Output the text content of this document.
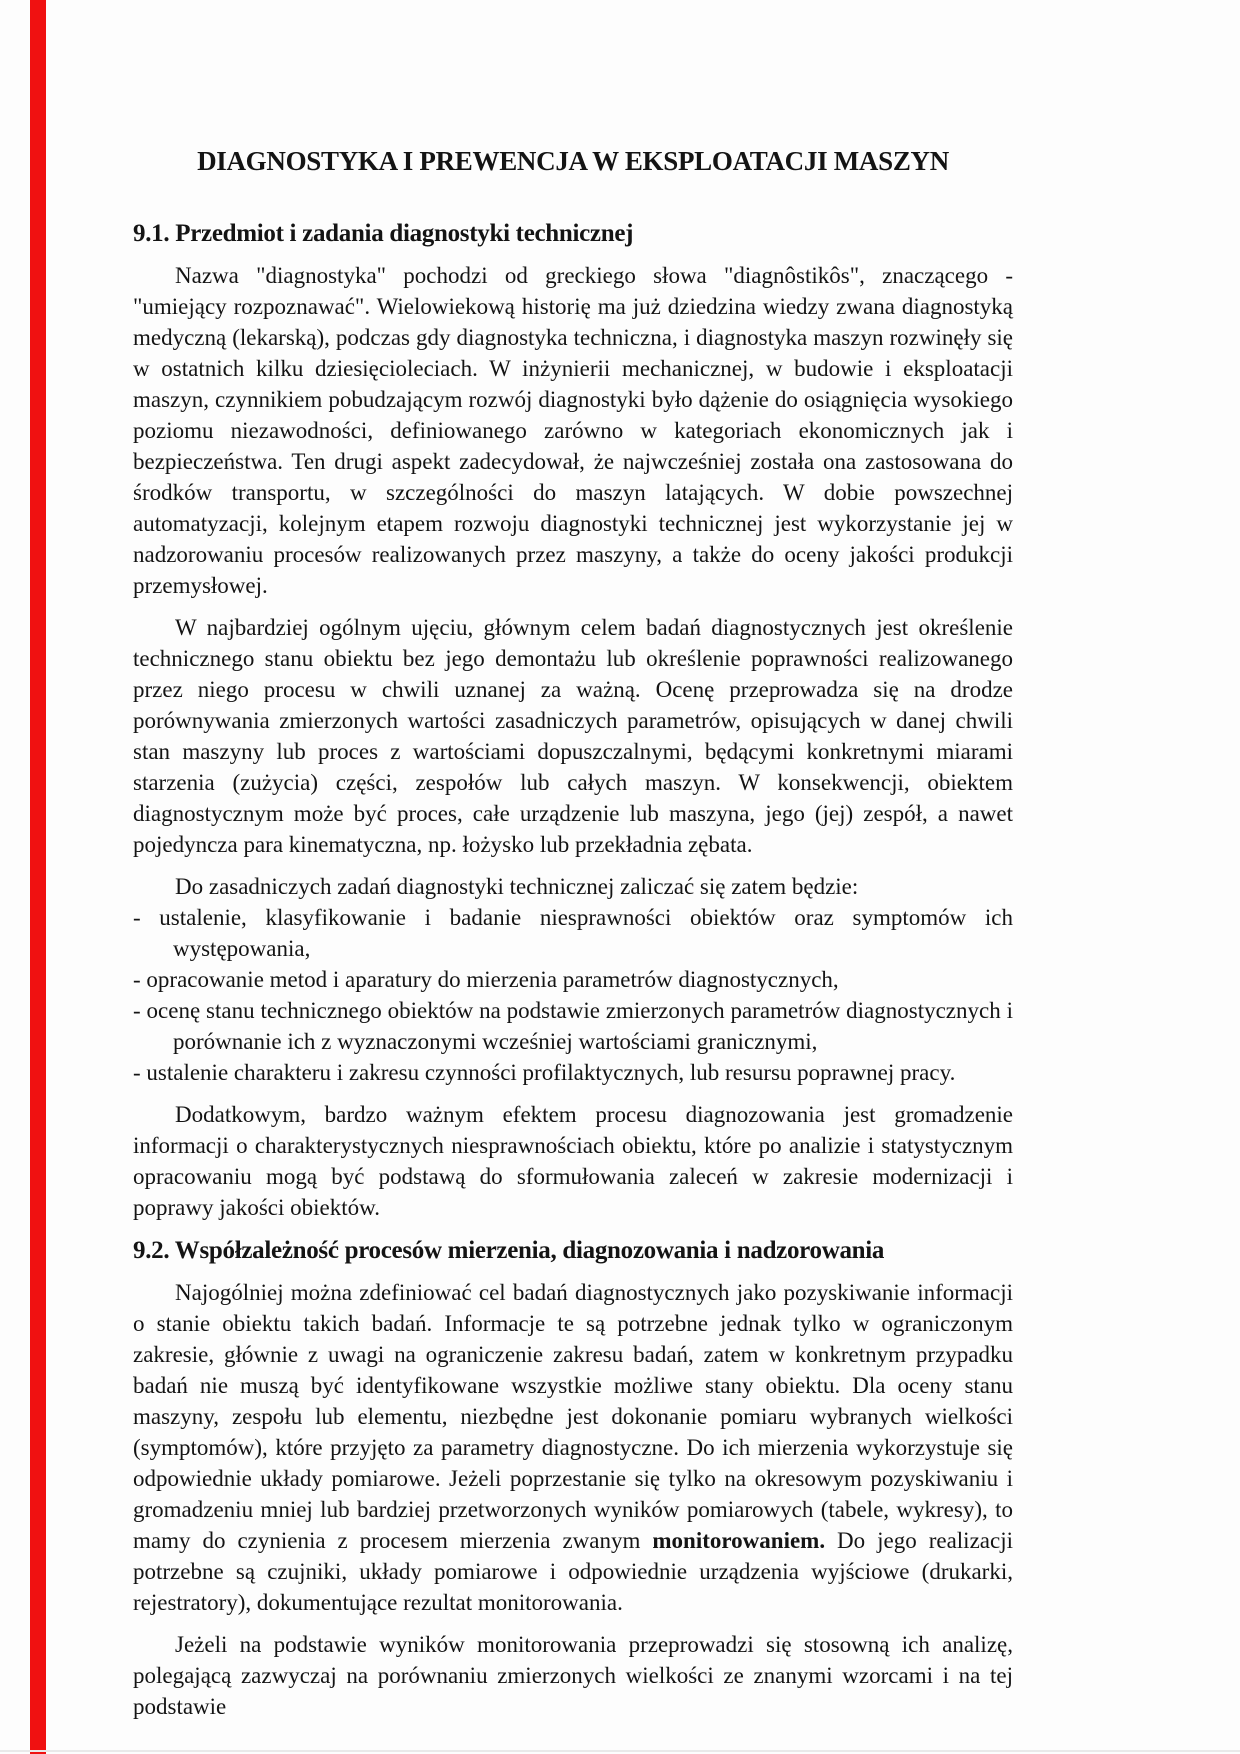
DIAGNOSTYKA I PREWENCJA W EKSPLOATACJI MASZYN
9.1. Przedmiot i zadania diagnostyki technicznej

Nazwa "diagnostyka" pochodzi od greckiego słowa "diagnôstikôs", znaczącego - "umiejący rozpoznawać". Wielowiekową historię ma już dziedzina wiedzy zwana diagnostyką medyczną (lekarską), podczas gdy diagnostyka techniczna, i diagnostyka maszyn rozwinęły się w ostatnich kilku dziesięcioleciach. W inżynierii mechanicznej, w budowie i eksploatacji maszyn, czynnikiem pobudzającym rozwój diagnostyki było dążenie do osiągnięcia wysokiego poziomu niezawodności, definiowanego zarówno w kategoriach ekonomicznych jak i bezpieczeństwa. Ten drugi aspekt zadecydował, że najwcześniej została ona zastosowana do środków transportu, w szczególności do maszyn latających. W dobie powszechnej automatyzacji, kolejnym etapem rozwoju diagnostyki technicznej jest wykorzystanie jej w nadzorowaniu procesów realizowanych przez maszyny, a także do oceny jakości produkcji przemysłowej.

W najbardziej ogólnym ujęciu, głównym celem badań diagnostycznych jest określenie technicznego stanu obiektu bez jego demontażu lub określenie poprawności realizowanego przez niego procesu w chwili uznanej za ważną. Ocenę przeprowadza się na drodze porównywania zmierzonych wartości zasadniczych parametrów, opisujących w danej chwili stan maszyny lub proces z wartościami dopuszczalnymi, będącymi konkretnymi miarami starzenia (zużycia) części, zespołów lub całych maszyn. W konsekwencji, obiektem diagnostycznym może być proces, całe urządzenie lub maszyna, jego (jej) zespół, a nawet pojedyncza para kinematyczna, np. łożysko lub przekładnia zębata.

Do zasadniczych zadań diagnostyki technicznej zaliczać się zatem będzie:

- ustalenie, klasyfikowanie i badanie niesprawności obiektów oraz symptomów ich występowania,
- opracowanie metod i aparatury do mierzenia parametrów diagnostycznych,
- ocenę stanu technicznego obiektów na podstawie zmierzonych parametrów diagnostycznych i porównanie ich z wyznaczonymi wcześniej wartościami granicznymi,
- ustalenie charakteru i zakresu czynności profilaktycznych, lub resursu poprawnej pracy.

Dodatkowym, bardzo ważnym efektem procesu diagnozowania jest gromadzenie informacji o charakterystycznych niesprawnościach obiektu, które po analizie i statystycznym opracowaniu mogą być podstawą do sformułowania zaleceń w zakresie modernizacji i poprawy jakości obiektów.

9.2. Współzależność procesów mierzenia, diagnozowania i nadzorowania

Najogólniej można zdefiniować cel badań diagnostycznych jako pozyskiwanie informacji o stanie obiektu takich badań. Informacje te są potrzebne jednak tylko w ograniczonym zakresie, głównie z uwagi na ograniczenie zakresu badań, zatem w konkretnym przypadku badań nie muszą być identyfikowane wszystkie możliwe stany obiektu. Dla oceny stanu maszyny, zespołu lub elementu, niezbędne jest dokonanie pomiaru wybranych wielkości (symptomów), które przyjęto za parametry diagnostyczne. Do ich mierzenia wykorzystuje się odpowiednie układy pomiarowe. Jeżeli poprzestanie się tylko na okresowym pozyskiwaniu i gromadzeniu mniej lub bardziej przetworzonych wyników pomiarowych (tabele, wykresy), to mamy do czynienia z procesem mierzenia zwanym monitorowaniem. Do jego realizacji potrzebne są czujniki, układy pomiarowe i odpowiednie urządzenia wyjściowe (drukarki, rejestratory), dokumentujące rezultat monitorowania.

Jeżeli na podstawie wyników monitorowania przeprowadzi się stosowną ich analizę, polegającą zazwyczaj na porównaniu zmierzonych wielkości ze znanymi wzorcami i na tej podstawie
